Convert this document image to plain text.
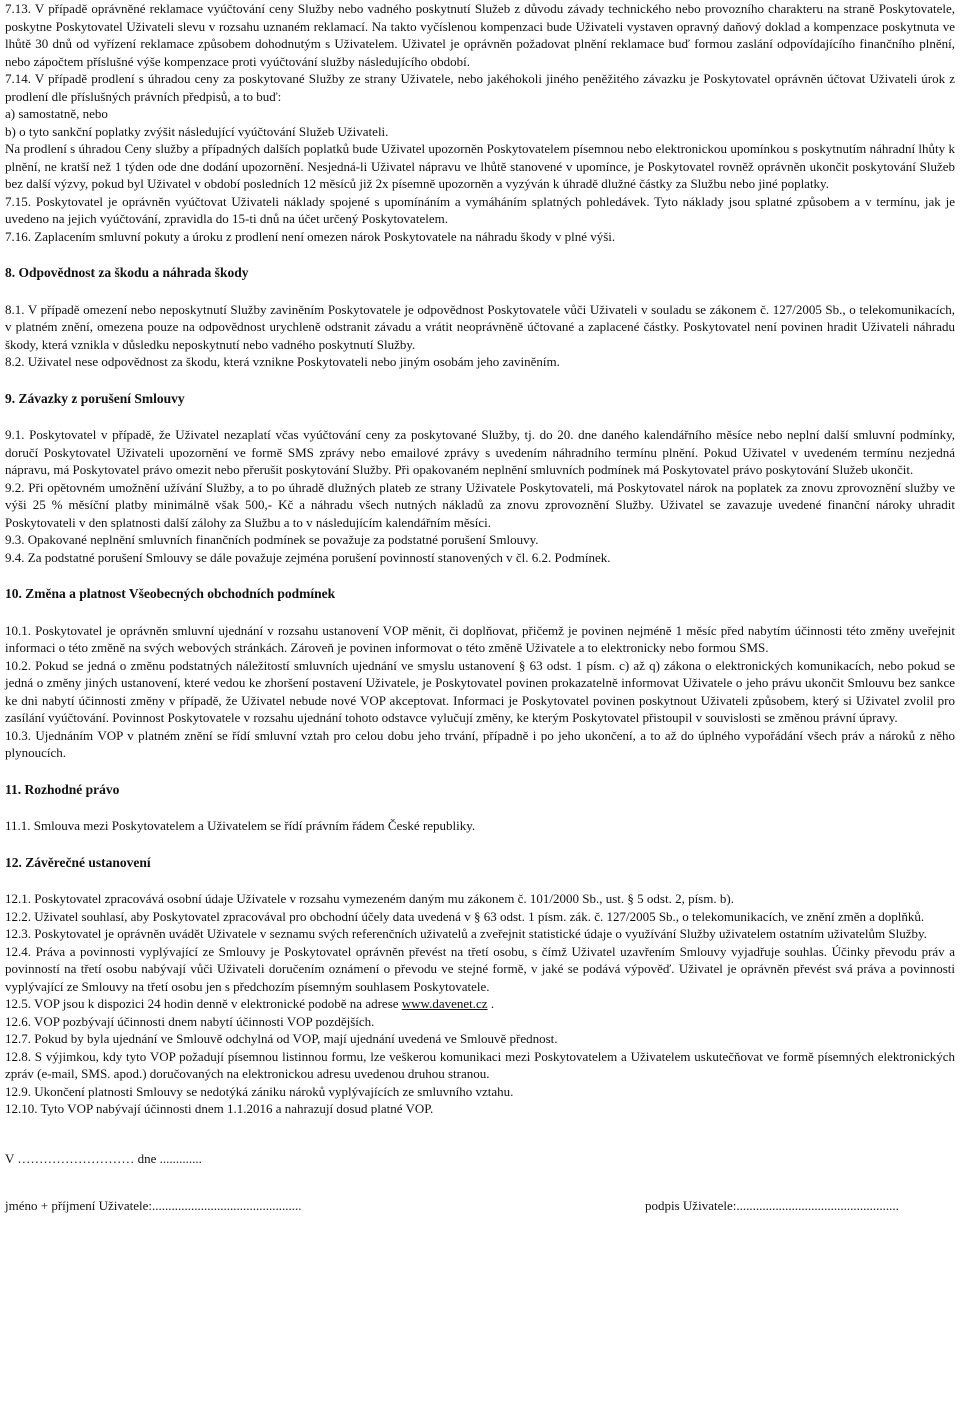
7.13. V případě oprávněné reklamace vyúčtování ceny Služby nebo vadného poskytnutí Služeb z důvodu závady technického nebo provozního charakteru na straně Poskytovatele, poskytne Poskytovatel Uživateli slevu v rozsahu uznaném reklamací. Na takto vyčíslenou kompenzaci bude Uživateli vystaven opravný daňový doklad a kompenzace poskytnuta ve lhůtě 30 dnů od vyřízení reklamace způsobem dohodnutým s Uživatelem. Uživatel je oprávněn požadovat plnění reklamace buď formou zaslání odpovídajícího finančního plnění, nebo zápočtem příslušné výše kompenzace proti vyúčtování služby následujícího období.

7.14. V případě prodlení s úhradou ceny za poskytované Služby ze strany Uživatele, nebo jakéhokoli jiného peněžitého závazku je Poskytovatel oprávněn účtovat Uživateli úrok z prodlení dle příslušných právních předpisů, a to buď:

a) samostatně, nebo

b) o tyto sankční poplatky zvýšit následující vyúčtování Služeb Uživateli.

Na prodlení s úhradou Ceny služby a případných dalších poplatků bude Uživatel upozorněn Poskytovatelem písemnou nebo elektronickou upomínkou s poskytnutím náhradní lhůty k plnění, ne kratší než 1 týden ode dne dodání upozornění. Nesjedná-li Uživatel nápravu ve lhůtě stanovené v upomínce, je Poskytovatel rovněž oprávněn ukončit poskytování Služeb bez další výzvy, pokud byl Uživatel v období posledních 12 měsíců již 2x písemně upozorněn a vyzýván k úhradě dlužné částky za Službu nebo jiné poplatky.

7.15. Poskytovatel je oprávněn vyúčtovat Uživateli náklady spojené s upomínáním a vymáháním splatných pohledávek. Tyto náklady jsou splatné způsobem a v termínu, jak je uvedeno na jejich vyúčtování, zpravidla do 15-ti dnů na účet určený Poskytovatelem.

7.16. Zaplacením smluvní pokuty a úroku z prodlení není omezen nárok Poskytovatele na náhradu škody v plné výši.

8. Odpovědnost za škodu a náhrada škody

8.1. V případě omezení nebo neposkytnutí Služby zaviněním Poskytovatele je odpovědnost Poskytovatele vůči Uživateli v souladu se zákonem č. 127/2005 Sb., o telekomunikacích, v platném znění, omezena pouze na odpovědnost urychleně odstranit závadu a vrátit neoprávněně účtované a zaplacené částky. Poskytovatel není povinen hradit Uživateli náhradu škody, která vznikla v důsledku neposkytnutí nebo vadného poskytnutí Služby.

8.2. Uživatel nese odpovědnost za škodu, která vznikne Poskytovateli nebo jiným osobám jeho zaviněním.

9. Závazky z porušení Smlouvy

9.1. Poskytovatel v případě, že Uživatel nezaplatí včas vyúčtování ceny za poskytované Služby, tj. do 20. dne daného kalendářního měsíce nebo neplní další smluvní podmínky, doručí Poskytovatel Uživateli upozornění ve formě SMS zprávy nebo emailové zprávy s uvedením náhradního termínu plnění. Pokud Uživatel v uvedeném termínu nezjedná nápravu, má Poskytovatel právo omezit nebo přerušit poskytování Služby. Při opakovaném neplnění smluvních podmínek má Poskytovatel právo poskytování Služeb ukončit.

9.2. Při opětovném umožnění užívání Služby, a to po úhradě dlužných plateb ze strany Uživatele Poskytovateli, má Poskytovatel nárok na poplatek za znovu zprovoznění služby ve výši 25 % měsíční platby minimálně však 500,- Kč a náhradu všech nutných nákladů za znovu zprovoznění Služby. Uživatel se zavazuje uvedené finanční nároky uhradit Poskytovateli v den splatnosti další zálohy za Službu a to v následujícím kalendářním měsíci.

9.3. Opakované neplnění smluvních finančních podmínek se považuje za podstatné porušení Smlouvy.

9.4. Za podstatné porušení Smlouvy se dále považuje zejména porušení povinností stanovených v čl. 6.2. Podmínek.

10. Změna a platnost Všeobecných obchodních podmínek

10.1. Poskytovatel je oprávněn smluvní ujednání v rozsahu ustanovení VOP měnit, či doplňovat, přičemž je povinen nejméně 1 měsíc před nabytím účinnosti této změny uveřejnit informaci o této změně na svých webových stránkách. Zároveň je povinen informovat o této změně Uživatele a to elektronicky nebo formou SMS.

10.2. Pokud se jedná o změnu podstatných náležitostí smluvních ujednání ve smyslu ustanovení § 63 odst. 1 písm. c) až q) zákona o elektronických komunikacích, nebo pokud se jedná o změny jiných ustanovení, které vedou ke zhoršení postavení Uživatele, je Poskytovatel povinen prokazatelně informovat Uživatele o jeho právu ukončit Smlouvu bez sankce ke dni nabytí účinnosti změny v případě, že Uživatel nebude nové VOP akceptovat. Informaci je Poskytovatel povinen poskytnout Uživateli způsobem, který si Uživatel zvolil pro zasílání vyúčtování. Povinnost Poskytovatele v rozsahu ujednání tohoto odstavce vylučují změny, ke kterým Poskytovatel přistoupil v souvislosti se změnou právní úpravy.

10.3. Ujednáním VOP v platném znění se řídí smluvní vztah pro celou dobu jeho trvání, případně i po jeho ukončení, a to až do úplného vypořádání všech práv a nároků z něho plynoucích.

11. Rozhodné právo

11.1. Smlouva mezi Poskytovatelem a Uživatelem se řídí právním řádem České republiky.

12. Závěrečné ustanovení

12.1. Poskytovatel zpracovává osobní údaje Uživatele v rozsahu vymezeném daným mu zákonem č. 101/2000 Sb., ust. § 5 odst. 2, písm. b).

12.2. Uživatel souhlasí, aby Poskytovatel zpracovával pro obchodní účely data uvedená v § 63 odst. 1 písm. zák. č. 127/2005 Sb., o telekomunikacích, ve znění změn a doplňků.

12.3. Poskytovatel je oprávněn uvádět Uživatele v seznamu svých referenčních uživatelů a zveřejnit statistické údaje o využívání Služby uživatelem ostatním uživatelům Služby.

12.4. Práva a povinnosti vyplývající ze Smlouvy je Poskytovatel oprávněn převést na třetí osobu, s čímž Uživatel uzavřením Smlouvy vyjadřuje souhlas. Účinky převodu práv a povinností na třetí osobu nabývají vůči Uživateli doručením oznámení o převodu ve stejné formě, v jaké se podává výpověď. Uživatel je oprávněn převést svá práva a povinnosti vyplývající ze Smlouvy na třetí osobu jen s předchozím písemným souhlasem Poskytovatele.

12.5. VOP jsou k dispozici 24 hodin denně v elektronické podobě na adrese www.davenet.cz .

12.6. VOP pozbývají účinnosti dnem nabytí účinnosti VOP pozdějších.

12.7. Pokud by byla ujednání ve Smlouvě odchylná od VOP, mají ujednání uvedená ve Smlouvě přednost.

12.8. S výjimkou, kdy tyto VOP požadují písemnou listinnou formu, lze veškerou komunikaci mezi Poskytovatelem a Uživatelem uskutečňovat ve formě písemných elektronických zpráv (e-mail, SMS. apod.) doručovaných na elektronickou adresu uvedenou druhou stranou.

12.9. Ukončení platnosti Smlouvy se nedotýká zániku nároků vyplývajících ze smluvního vztahu.

12.10. Tyto VOP nabývají účinnosti dnem 1.1.2016 a nahrazují dosud platné VOP.

V ……………………… dne .............

jméno + příjmení Uživatele:..............................................	podpis Uživatele:..................................................
